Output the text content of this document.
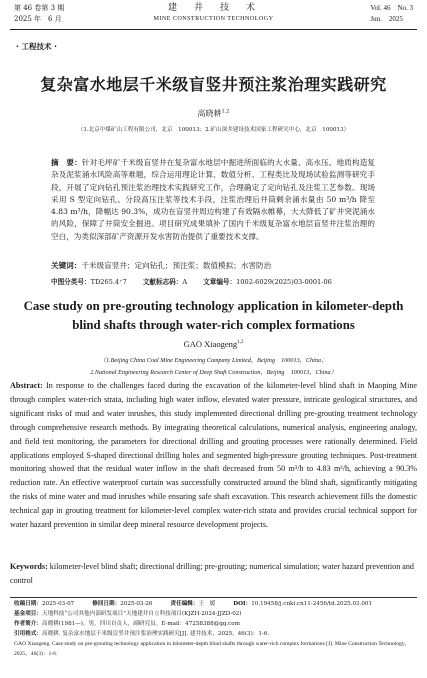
第 46 卷第 3 期
2025 年　6 月
建　井　技　术
MINE CONSTRUCTION TECHNOLOGY
Vol. 46　No. 3
Jun.　2025
· 工程技术 ·
复杂富水地层千米级盲竖井预注浆治理实践研究
高晓耕$^{1,2}$
（1.北京中煤矿山工程有限公司，北京　100013；2.矿山深井建设技术国家工程研究中心，北京　100013）
摘　要：针对毛坪矿千米级盲竖井在复杂富水地层中掘进所面临的大水量、高水压、地质构造复杂及泥浆涌水风险高等难题，综合运用理论计算、数值分析、工程类比及现场试验监测等研究手段，开展了定向钻孔预注浆治理技术实践研究工作，合理确定了定向钻孔及注浆工艺参数。现场采用 S 型定向钻孔、分段高压注浆等技术手段，注浆治理后井筒剩余涌水量由 50 m³/h 降至 4.83 m³/h，降幅达 90.3%，成功在盲竖井周边构建了有效隔水帷幕，大大降低了矿井突泥涌水的风险，保障了井筒安全掘进。项目研究成果填补了国内千米级复杂富水地层盲竖井注浆治理的空白，为类似深部矿产资源开发水害防治提供了重要技术支撑。
关键词：千米级盲竖井；定向钻孔；预注浆；数值模拟；水害防治
中图分类号：TD265.4⁺7 文献标志码：A 文章编号：1002-6029(2025)03-0001-06
Case study on pre-grouting technology application in kilometer-depth blind shafts through water-rich complex formations
GAO Xiaogeng$^{1,2}$
（1.Beijing China Coal Mine Engineering Company Limited，Beijing　100013，China；
2.National Engineering Research Center of Deep Shaft Construction，Beijing　100013，China）
Abstract: In response to the challenges faced during the excavation of the kilometer-level blind shaft in Maoping Mine through complex water-rich strata, including high water inflow, elevated water pressure, intricate geological structures, and significant risks of mud and water inrushes, this study implemented directional drilling pre-grouting treatment technology through comprehensive research methods. By integrating theoretical calculations, numerical analysis, engineering analogy, and field test monitoring, the parameters for directional drilling and grouting processes were rationally determined. Field applications employed S-shaped directional drilling holes and segmented high-pressure grouting techniques. Post-treatment monitoring showed that the residual water inflow in the shaft decreased from 50 m³/h to 4.83 m³/h, achieving a 90.3% reduction rate. An effective waterproof curtain was successfully constructed around the blind shaft, significantly mitigating the risks of mine water and mud inrushes while ensuring safe shaft excavation. This research achievement fills the domestic technical gap in grouting treatment for kilometer-level complex water-rich strata and provides crucial technical support for water hazard prevention in similar deep mineral resource development projects.
Keywords: kilometer-level blind shaft; directional drilling; pre-grouting; numerical simulation; water hazard prevention and control
收稿日期：2025-03-07	修回日期：2025-03-26	责任编辑：王　媛	DOI：10.19458/j.cnki.cn11-2456/td.2025.03.001
基金项目：天地科技“公司其他内部研发项目”天地建井自立科技项目(KJZH-2024-JJZD-02)
作者简介：高晓耕(1981—)，男，四川自贡人，副研究员。E-mail：47258388@qq.com
引用格式：高晓耕. 复杂富水地层千米级盲竖井预注浆治理实践研究[J]. 建井技术，2025，46(3)：1-6.
GAO Xiaogeng. Case study on pre-grouting technology application in kilometer-depth blind shafts through water-rich complex formations [J]. Mine Construction Technology，2025，46(3)：1-6.
